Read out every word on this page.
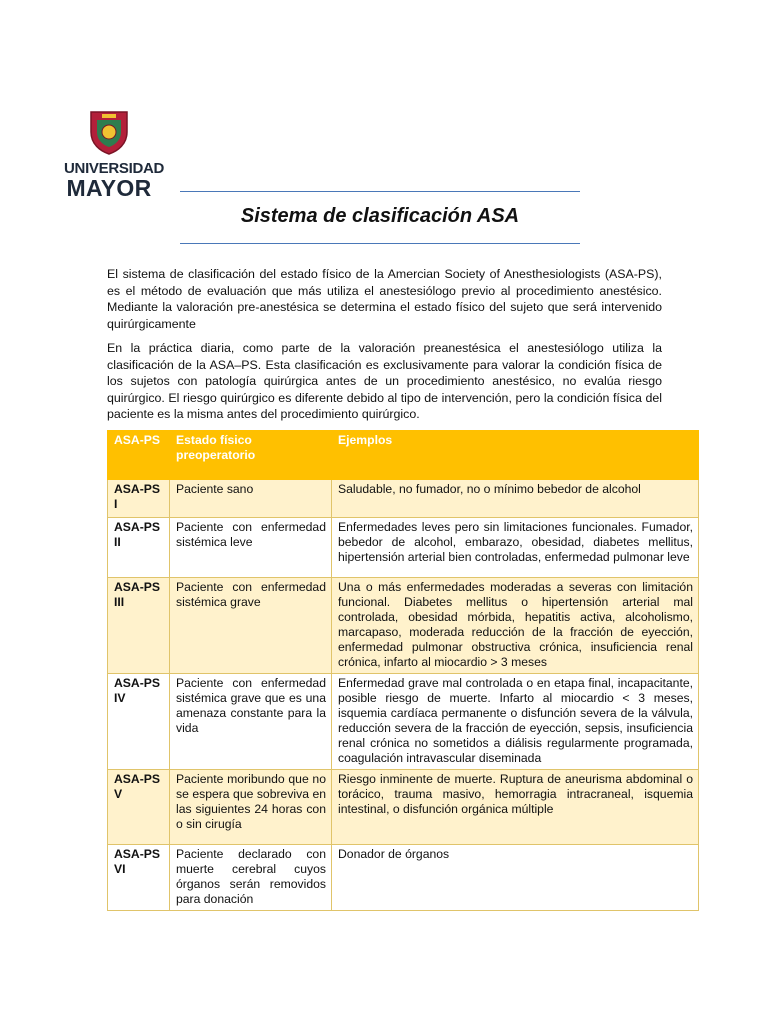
UNIVERSIDAD
MAYOR
Sistema de clasificación ASA

El sistema de clasificación del estado físico de la Amercian Society of Anesthesiologists (ASA-PS), es el método de evaluación que más utiliza el anestesiólogo previo al procedimiento anestésico. Mediante la valoración pre-anestésica se determina el estado físico del sujeto que será intervenido quirúrgicamente

En la práctica diaria, como parte de la valoración preanestésica el anestesiólogo utiliza la clasificación de la ASA–PS. Esta clasificación es exclusivamente para valorar la condición física de los sujetos con patología quirúrgica antes de un procedimiento anestésico, no evalúa riesgo quirúrgico. El riesgo quirúrgico es diferente debido al tipo de intervención, pero la condición física del paciente es la misma antes del procedimiento quirúrgico.

ASA-PS	Estado físico preoperatorio	Ejemplos
ASA-PS I	Paciente sano	Saludable, no fumador, no o mínimo bebedor de alcohol
ASA-PS II	Paciente con enfermedad sistémica leve	Enfermedades leves pero sin limitaciones funcionales. Fumador, bebedor de alcohol, embarazo, obesidad, diabetes mellitus, hipertensión arterial bien controladas, enfermedad pulmonar leve
ASA-PS III	Paciente con enfermedad sistémica grave	Una o más enfermedades moderadas a severas con limitación funcional. Diabetes mellitus o hipertensión arterial mal controlada, obesidad mórbida, hepatitis activa, alcoholismo, marcapaso, moderada reducción de la fracción de eyección, enfermedad pulmonar obstructiva crónica, insuficiencia renal crónica, infarto al miocardio > 3 meses
ASA-PS IV	Paciente con enfermedad sistémica grave que es una amenaza constante para la vida	Enfermedad grave mal controlada o en etapa final, incapacitante, posible riesgo de muerte. Infarto al miocardio < 3 meses, isquemia cardíaca permanente o disfunción severa de la válvula, reducción severa de la fracción de eyección, sepsis, insuficiencia renal crónica no sometidos a diálisis regularmente programada, coagulación intravascular diseminada
ASA-PS V	Paciente moribundo que no se espera que sobreviva en las siguientes 24 horas con o sin cirugía	Riesgo inminente de muerte. Ruptura de aneurisma abdominal o torácico, trauma masivo, hemorragia intracraneal, isquemia intestinal, o disfunción orgánica múltiple
ASA-PS VI	Paciente declarado con muerte cerebral cuyos órganos serán removidos para donación	Donador de órganos
